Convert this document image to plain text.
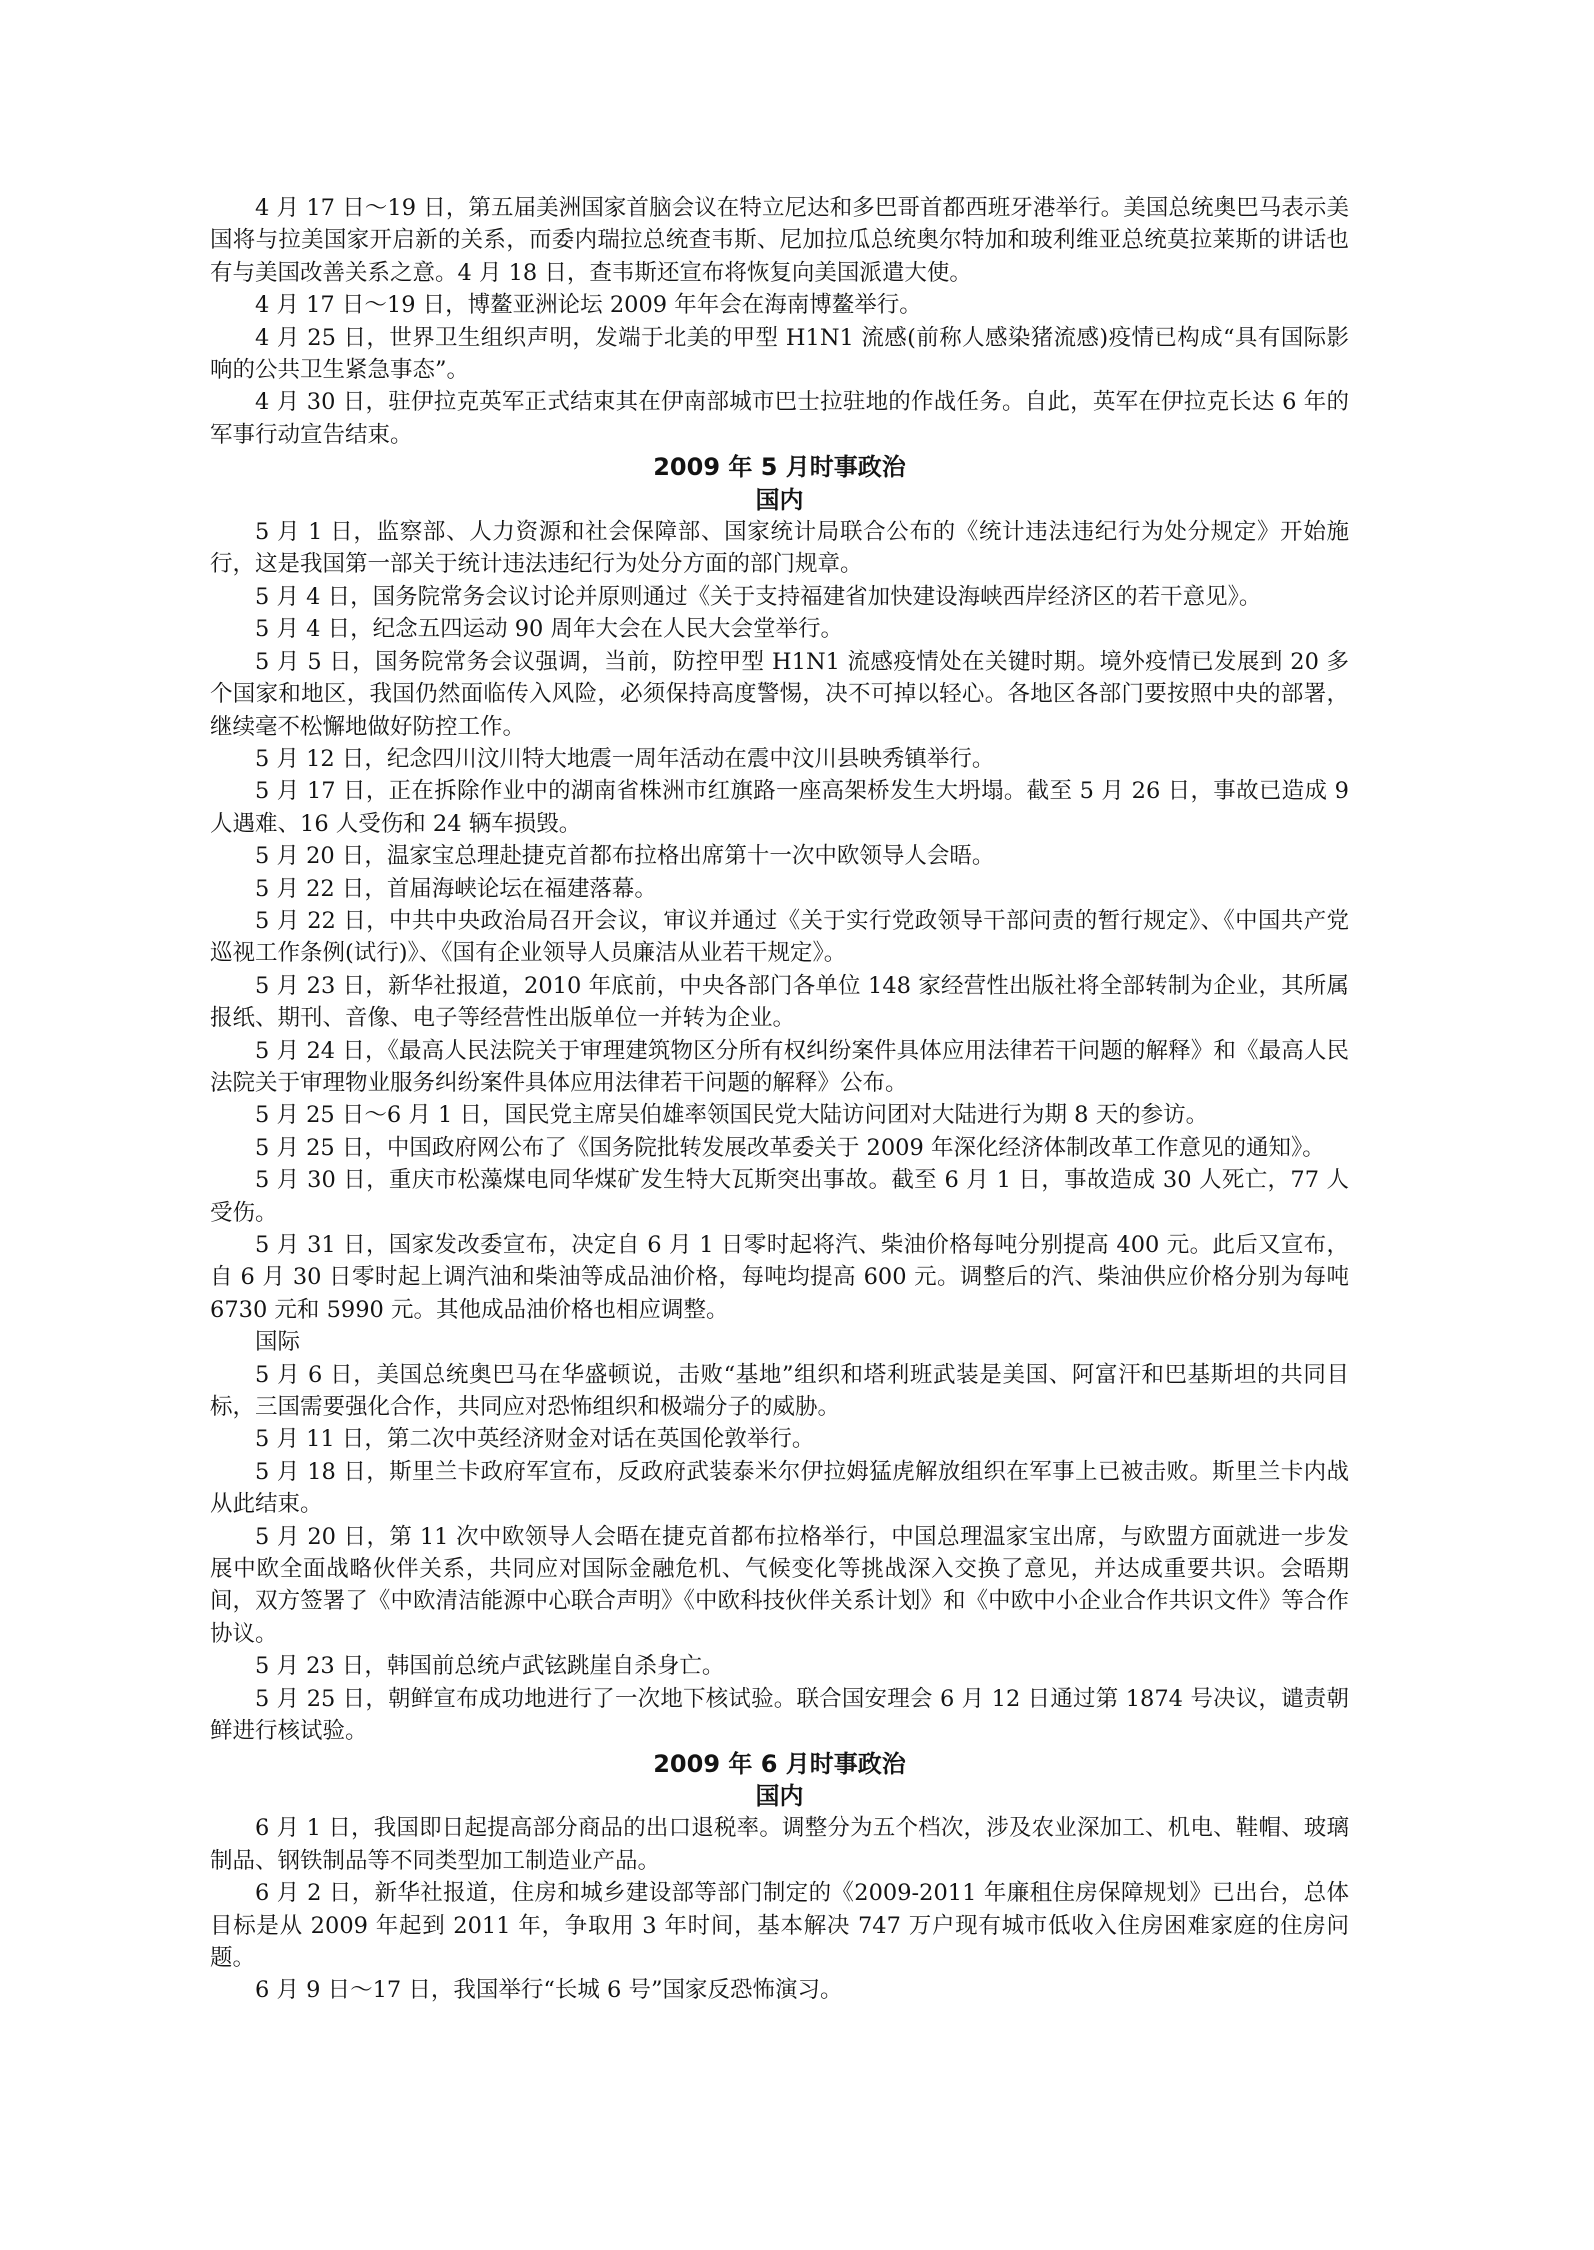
4 月 17 日～19 日，第五届美洲国家首脑会议在特立尼达和多巴哥首都西班牙港举行。美国总统奥巴马表示美国将与拉美国家开启新的关系，而委内瑞拉总统查韦斯、尼加拉瓜总统奥尔特加和玻利维亚总统莫拉莱斯的讲话也有与美国改善关系之意。4 月 18 日，查韦斯还宣布将恢复向美国派遣大使。

4 月 17 日～19 日，博鳌亚洲论坛 2009 年年会在海南博鳌举行。

4 月 25 日，世界卫生组织声明，发端于北美的甲型 H1N1 流感(前称人感染猪流感)疫情已构成“具有国际影响的公共卫生紧急事态”。

4 月 30 日，驻伊拉克英军正式结束其在伊南部城市巴士拉驻地的作战任务。自此，英军在伊拉克长达 6 年的军事行动宣告结束。

2009 年 5 月时事政治
国内

5 月 1 日，监察部、人力资源和社会保障部、国家统计局联合公布的《统计违法违纪行为处分规定》开始施行，这是我国第一部关于统计违法违纪行为处分方面的部门规章。

5 月 4 日，国务院常务会议讨论并原则通过《关于支持福建省加快建设海峡西岸经济区的若干意见》。

5 月 4 日，纪念五四运动 90 周年大会在人民大会堂举行。

5 月 5 日，国务院常务会议强调，当前，防控甲型 H1N1 流感疫情处在关键时期。境外疫情已发展到 20 多个国家和地区，我国仍然面临传入风险，必须保持高度警惕，决不可掉以轻心。各地区各部门要按照中央的部署，继续毫不松懈地做好防控工作。

5 月 12 日，纪念四川汶川特大地震一周年活动在震中汶川县映秀镇举行。

5 月 17 日，正在拆除作业中的湖南省株洲市红旗路一座高架桥发生大坍塌。截至 5 月 26 日，事故已造成 9 人遇难、16 人受伤和 24 辆车损毁。

5 月 20 日，温家宝总理赴捷克首都布拉格出席第十一次中欧领导人会晤。

5 月 22 日，首届海峡论坛在福建落幕。

5 月 22 日，中共中央政治局召开会议，审议并通过《关于实行党政领导干部问责的暂行规定》、《中国共产党巡视工作条例(试行)》、《国有企业领导人员廉洁从业若干规定》。

5 月 23 日，新华社报道，2010 年底前，中央各部门各单位 148 家经营性出版社将全部转制为企业，其所属报纸、期刊、音像、电子等经营性出版单位一并转为企业。

5 月 24 日，《最高人民法院关于审理建筑物区分所有权纠纷案件具体应用法律若干问题的解释》和《最高人民法院关于审理物业服务纠纷案件具体应用法律若干问题的解释》公布。

5 月 25 日～6 月 1 日，国民党主席吴伯雄率领国民党大陆访问团对大陆进行为期 8 天的参访。

5 月 25 日，中国政府网公布了《国务院批转发展改革委关于 2009 年深化经济体制改革工作意见的通知》。

5 月 30 日，重庆市松藻煤电同华煤矿发生特大瓦斯突出事故。截至 6 月 1 日，事故造成 30 人死亡，77 人受伤。

5 月 31 日，国家发改委宣布，决定自 6 月 1 日零时起将汽、柴油价格每吨分别提高 400 元。此后又宣布，自 6 月 30 日零时起上调汽油和柴油等成品油价格，每吨均提高 600 元。调整后的汽、柴油供应价格分别为每吨 6730 元和 5990 元。其他成品油价格也相应调整。

国际

5 月 6 日，美国总统奥巴马在华盛顿说，击败“基地”组织和塔利班武装是美国、阿富汗和巴基斯坦的共同目标，三国需要强化合作，共同应对恐怖组织和极端分子的威胁。

5 月 11 日，第二次中英经济财金对话在英国伦敦举行。

5 月 18 日，斯里兰卡政府军宣布，反政府武装泰米尔伊拉姆猛虎解放组织在军事上已被击败。斯里兰卡内战从此结束。

5 月 20 日，第 11 次中欧领导人会晤在捷克首都布拉格举行，中国总理温家宝出席，与欧盟方面就进一步发展中欧全面战略伙伴关系，共同应对国际金融危机、气候变化等挑战深入交换了意见，并达成重要共识。会晤期间，双方签署了《中欧清洁能源中心联合声明》《中欧科技伙伴关系计划》和《中欧中小企业合作共识文件》等合作协议。

5 月 23 日，韩国前总统卢武铉跳崖自杀身亡。

5 月 25 日，朝鲜宣布成功地进行了一次地下核试验。联合国安理会 6 月 12 日通过第 1874 号决议，谴责朝鲜进行核试验。

2009 年 6 月时事政治
国内

6 月 1 日，我国即日起提高部分商品的出口退税率。调整分为五个档次，涉及农业深加工、机电、鞋帽、玻璃制品、钢铁制品等不同类型加工制造业产品。

6 月 2 日，新华社报道，住房和城乡建设部等部门制定的《2009-2011 年廉租住房保障规划》已出台，总体目标是从 2009 年起到 2011 年，争取用 3 年时间，基本解决 747 万户现有城市低收入住房困难家庭的住房问题。

6 月 9 日～17 日，我国举行“长城 6 号”国家反恐怖演习。
